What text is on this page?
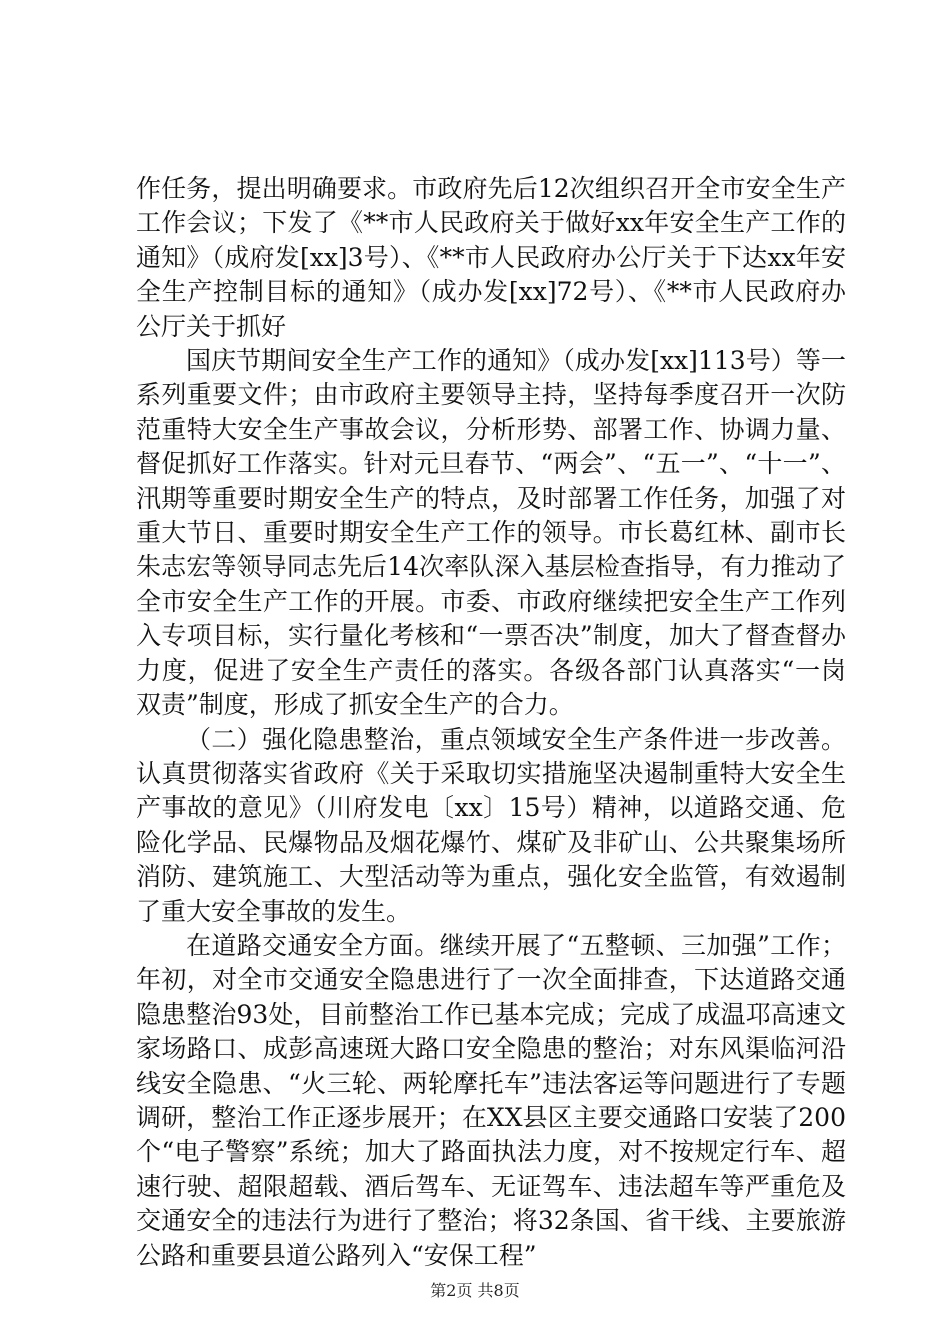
作任务，提出明确要求。市政府先后12次组织召开全市安全生产工作会议；下发了《**市人民政府关于做好xx年安全生产工作的通知》（成府发[xx]3号）、《**市人民政府办公厅关于下达xx年安全生产控制目标的通知》（成办发[xx]72号）、《**市人民政府办公厅关于抓好

国庆节期间安全生产工作的通知》（成办发[xx]113号）等一系列重要文件；由市政府主要领导主持，坚持每季度召开一次防范重特大安全生产事故会议，分析形势、部署工作、协调力量、督促抓好工作落实。针对元旦春节、“两会”、“五一”、“十一”、汛期等重要时期安全生产的特点，及时部署工作任务，加强了对重大节日、重要时期安全生产工作的领导。市长葛红林、副市长朱志宏等领导同志先后14次率队深入基层检查指导，有力推动了全市安全生产工作的开展。市委、市政府继续把安全生产工作列入专项目标，实行量化考核和“一票否决”制度，加大了督查督办力度，促进了安全生产责任的落实。各级各部门认真落实“一岗双责”制度，形成了抓安全生产的合力。

（二）强化隐患整治，重点领域安全生产条件进一步改善。认真贯彻落实省政府《关于采取切实措施坚决遏制重特大安全生产事故的意见》（川府发电〔xx〕15号）精神，以道路交通、危险化学品、民爆物品及烟花爆竹、煤矿及非矿山、公共聚集场所消防、建筑施工、大型活动等为重点，强化安全监管，有效遏制了重大安全事故的发生。

在道路交通安全方面。继续开展了“五整顿、三加强”工作；年初，对全市交通安全隐患进行了一次全面排查，下达道路交通隐患整治93处，目前整治工作已基本完成；完成了成温邛高速文家场路口、成彭高速斑大路口安全隐患的整治；对东风渠临河沿线安全隐患、“火三轮、两轮摩托车”违法客运等问题进行了专题调研，整治工作正逐步展开；在XX县区主要交通路口安装了200个“电子警察”系统；加大了路面执法力度，对不按规定行车、超速行驶、超限超载、酒后驾车、无证驾车、违法超车等严重危及交通安全的违法行为进行了整治；将32条国、省干线、主要旅游公路和重要县道公路列入“安保工程”

第2页 共8页
